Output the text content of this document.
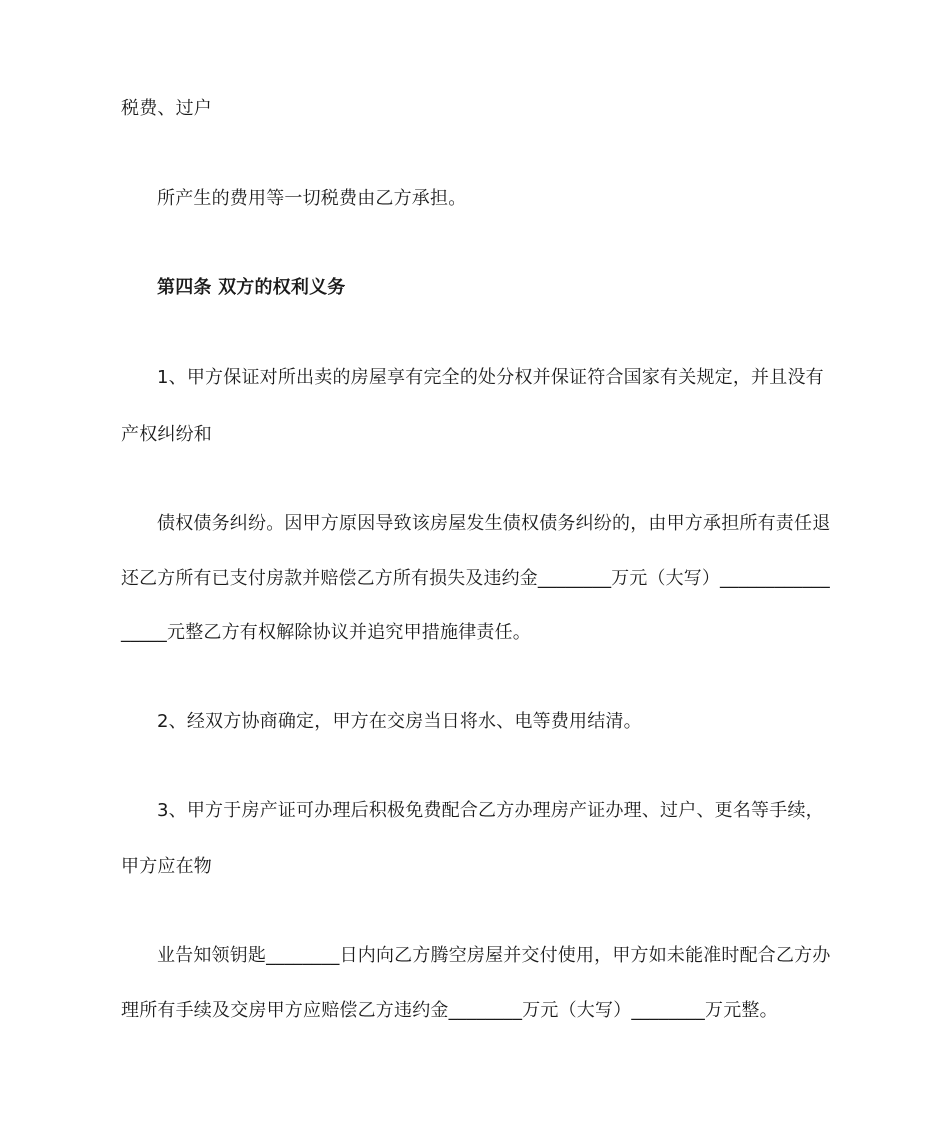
税费、过户
所产生的费用等一切税费由乙方承担。
第四条 双方的权利义务
1、甲方保证对所出卖的房屋享有完全的处分权并保证符合国家有关规定，并且没有
产权纠纷和
债权债务纠纷。因甲方原因导致该房屋发生债权债务纠纷的，由甲方承担所有责任退
还乙方所有已支付房款并赔偿乙方所有损失及违约金________万元（大写）____________
_____元整乙方有权解除协议并追究甲措施律责任。
2、经双方协商确定，甲方在交房当日将水、电等费用结清。
3、甲方于房产证可办理后积极免费配合乙方办理房产证办理、过户、更名等手续，
甲方应在物
业告知领钥匙________日内向乙方腾空房屋并交付使用，甲方如未能准时配合乙方办
理所有手续及交房甲方应赔偿乙方违约金________万元（大写）________万元整。
